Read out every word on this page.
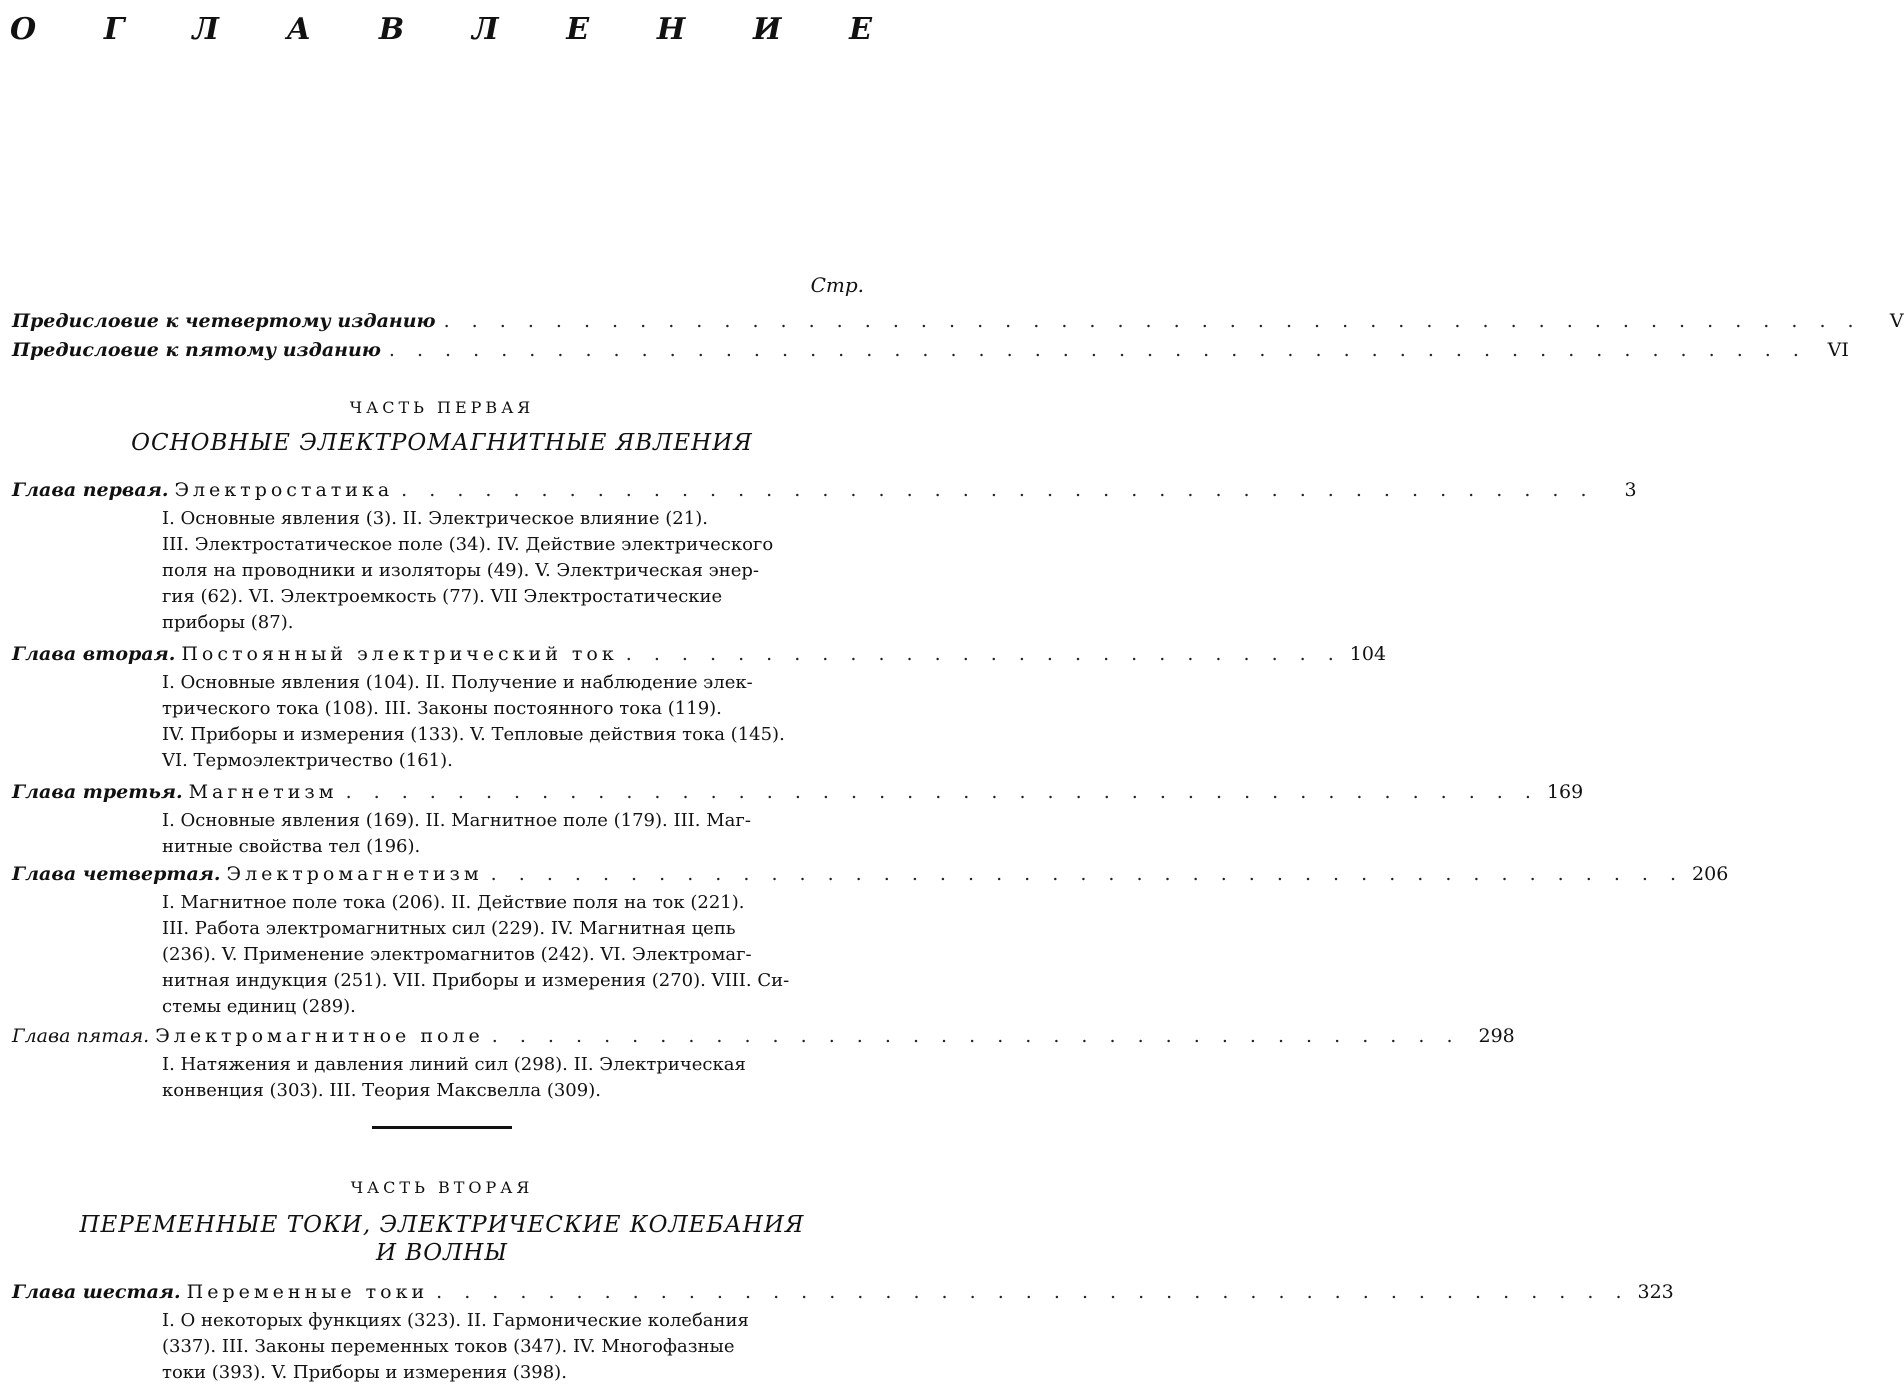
О Г Л А В Л Е Н И Е
Стр.
Предисловие к четвертому изданию . . . . . . . . . . . . . . . . . . . . . . . . . . . . . . . . . . . . . . . . . . . . . . . . . . .	V
Предисловие к пятому изданию . . . . . . . . . . . . . . . . . . . . . . . . . . . . . . . . . . . . . . . . . . . . . . . . . . .	VI
ЧАСТЬ ПЕРВАЯ
ОСНОВНЫЕ ЭЛЕКТРОМАГНИТНЫЕ ЯВЛЕНИЯ
Глава первая. Электростатика . . . . . . . . . . . . . . . . . . . . . . . . . . . . . . . . . . . . . . . . . . .	3
I. Основные явления (3). II. Электрическое влияние (21).
III. Электростатическое поле (34). IV. Действие электрического
поля на проводники и изоляторы (49). V. Электрическая энер-
гия (62). VI. Электроемкость (77). VII Электростатические
приборы (87).
Глава вторая. Постоянный электрический ток . . . . . . . . . . . . . . . . . . . . . . . . . . 104
I. Основные явления (104). II. Получение и наблюдение элек-
трического тока (108). III. Законы постоянного тока (119).
IV. Приборы и измерения (133). V. Тепловые действия тока (145).
VI. Термоэлектричество (161).
Глава третья. Магнетизм . . . . . . . . . . . . . . . . . . . . . . . . . . . . . . . . . . . . . . . . . . . 169
I. Основные явления (169). II. Магнитное поле (179). III. Маг-
нитные свойства тел (196).
Глава четвертая. Электромагнетизм . . . . . . . . . . . . . . . . . . . . . . . . . . . . . . . . . . . . . . . . . . . 206
I. Магнитное поле тока (206). II. Действие поля на ток (221).
III. Работа электромагнитных сил (229). IV. Магнитная цепь
(236). V. Применение электромагнитов (242). VI. Электромаг-
нитная индукция (251). VII. Приборы и измерения (270). VIII. Си-
стемы единиц (289).
Глава пятая. Электромагнитное поле . . . . . . . . . . . . . . . . . . . . . . . . . . . . . . . . . . . 298
I. Натяжения и давления линий сил (298). II. Электрическая
конвенция (303). III. Теория Максвелла (309).
ЧАСТЬ ВТОРАЯ
ПЕРЕМЕННЫЕ ТОКИ, ЭЛЕКТРИЧЕСКИЕ КОЛЕБАНИЯ
И ВОЛНЫ
Глава шестая. Переменные токи . . . . . . . . . . . . . . . . . . . . . . . . . . . . . . . . . . . . . . . . . . . 323
I. О некоторых функциях (323). II. Гармонические колебания
(337). III. Законы переменных токов (347). IV. Многофазные
токи (393). V. Приборы и измерения (398).
